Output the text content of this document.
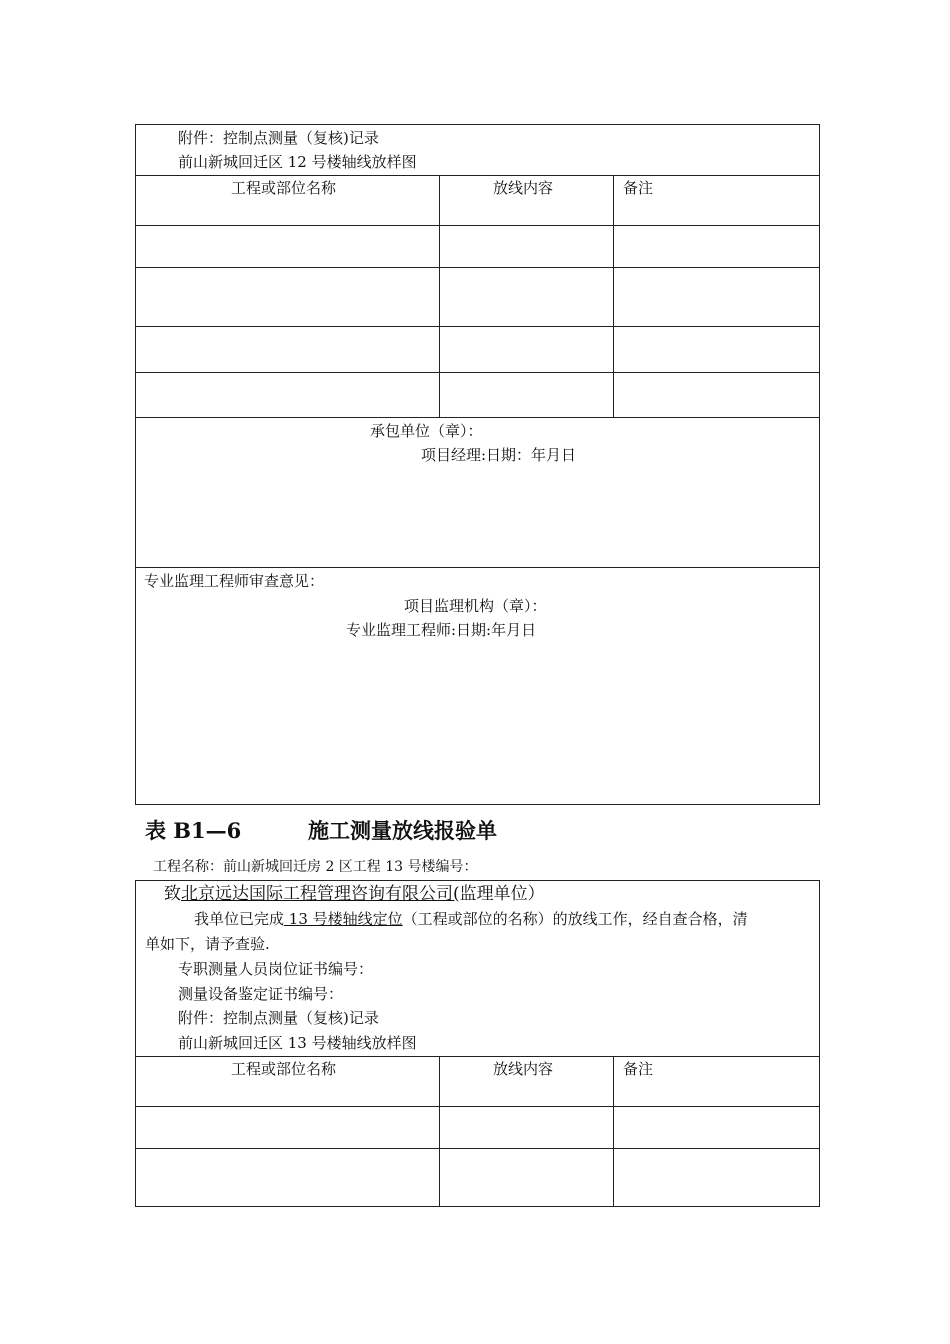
附件：控制点测量（复核)记录
前山新城回迁区 12 号楼轴线放样图
工程或部位名称	放线内容	备注
承包单位（章）：
项目经理:日期：年月日
专业监理工程师审查意见：
项目监理机构（章）：
专业监理工程师:日期:年月日
表 B1—6	施工测量放线报验单
工程名称：前山新城回迁房 2 区工程 13 号楼编号：
致北京远达国际工程管理咨询有限公司(监理单位）
我单位已完成 13 号楼轴线定位（工程或部位的名称）的放线工作，经自查合格，清
单如下，请予查验.
专职测量人员岗位证书编号：
测量设备鉴定证书编号：
附件：控制点测量（复核)记录
前山新城回迁区 13 号楼轴线放样图
工程或部位名称	放线内容	备注
